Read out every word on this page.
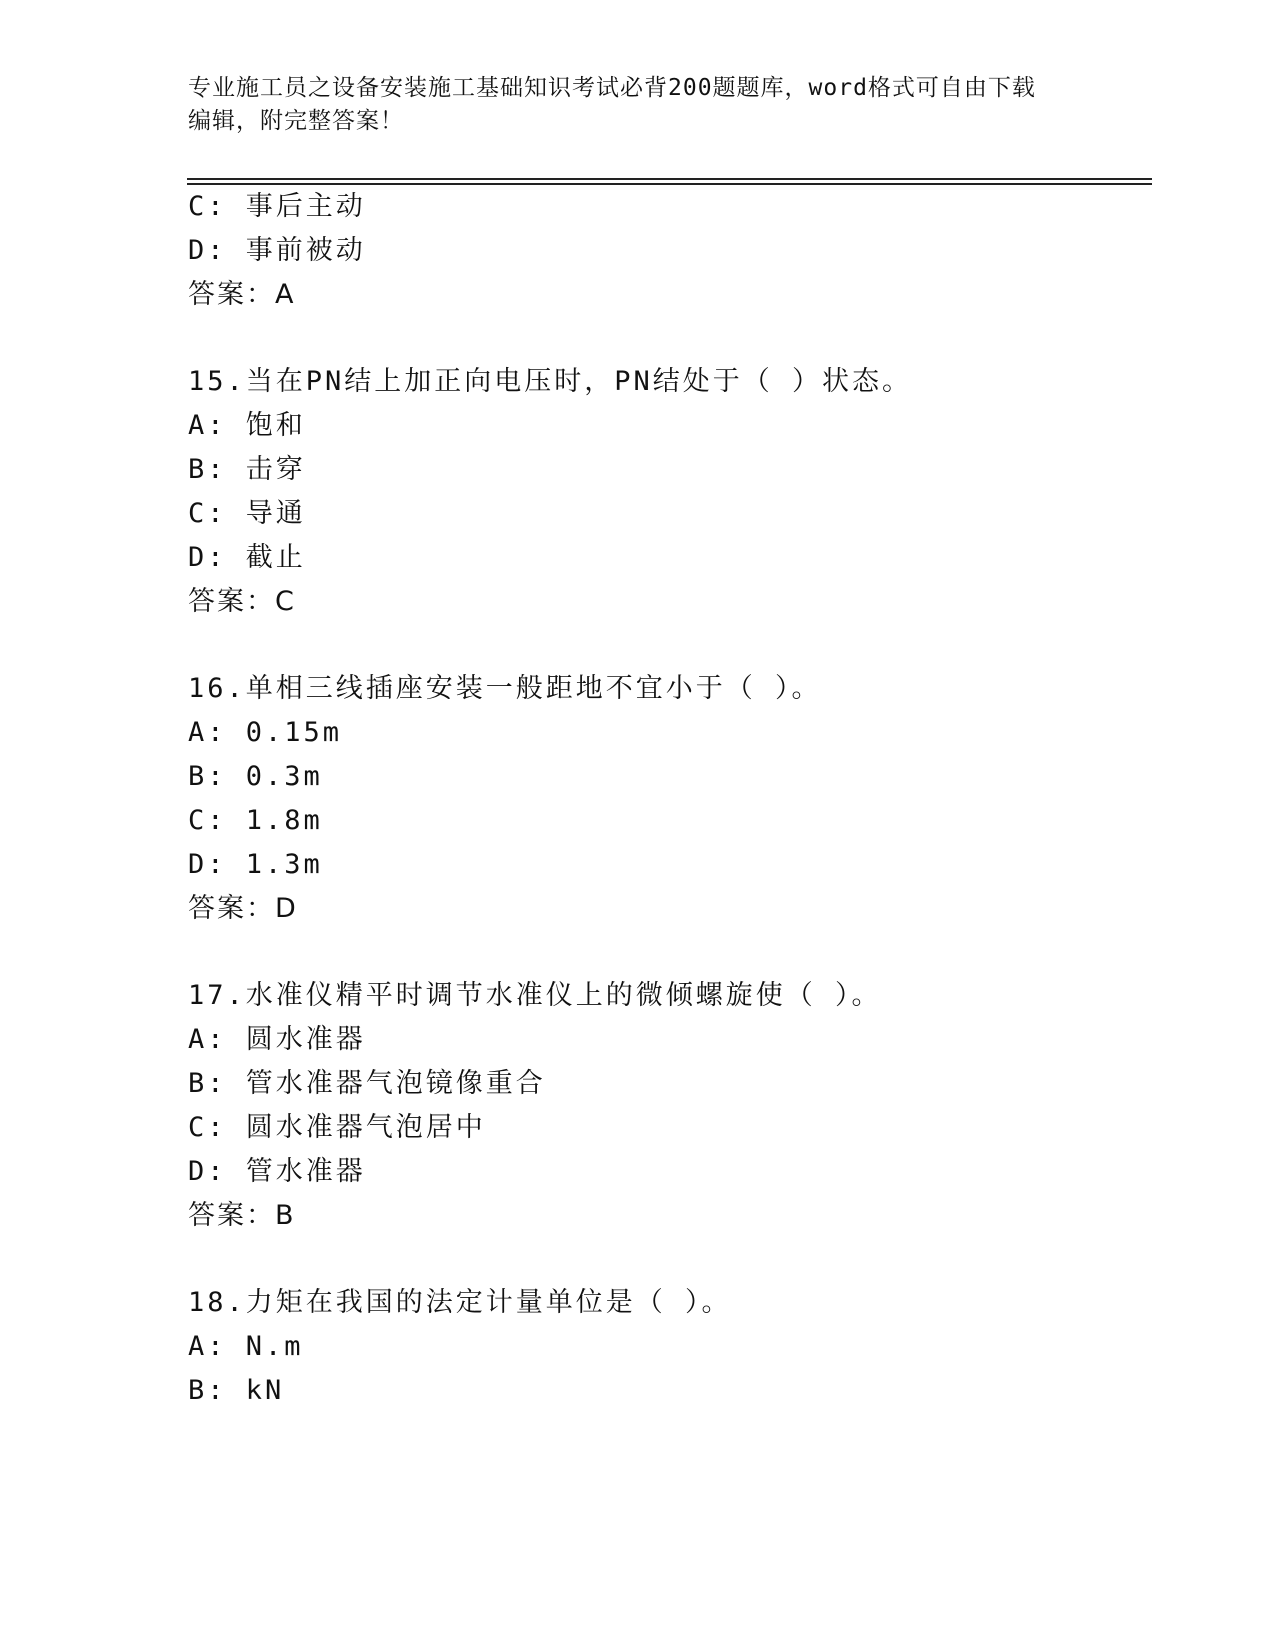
专业施工员之设备安装施工基础知识考试必背200题题库，word格式可自由下载
编辑，附完整答案！
C: 事后主动
D: 事前被动
答案：A
15.当在PN结上加正向电压时，PN结处于（ ）状态。
A: 饱和
B: 击穿
C: 导通
D: 截止
答案：C
16.单相三线插座安装一般距地不宜小于（ ）。
A: 0.15m
B: 0.3m
C: 1.8m
D: 1.3m
答案：D
17.水准仪精平时调节水准仪上的微倾螺旋使（ ）。
A: 圆水准器
B: 管水准器气泡镜像重合
C: 圆水准器气泡居中
D: 管水准器
答案：B
18.力矩在我国的法定计量单位是（ ）。
A: N.m
B: kN
